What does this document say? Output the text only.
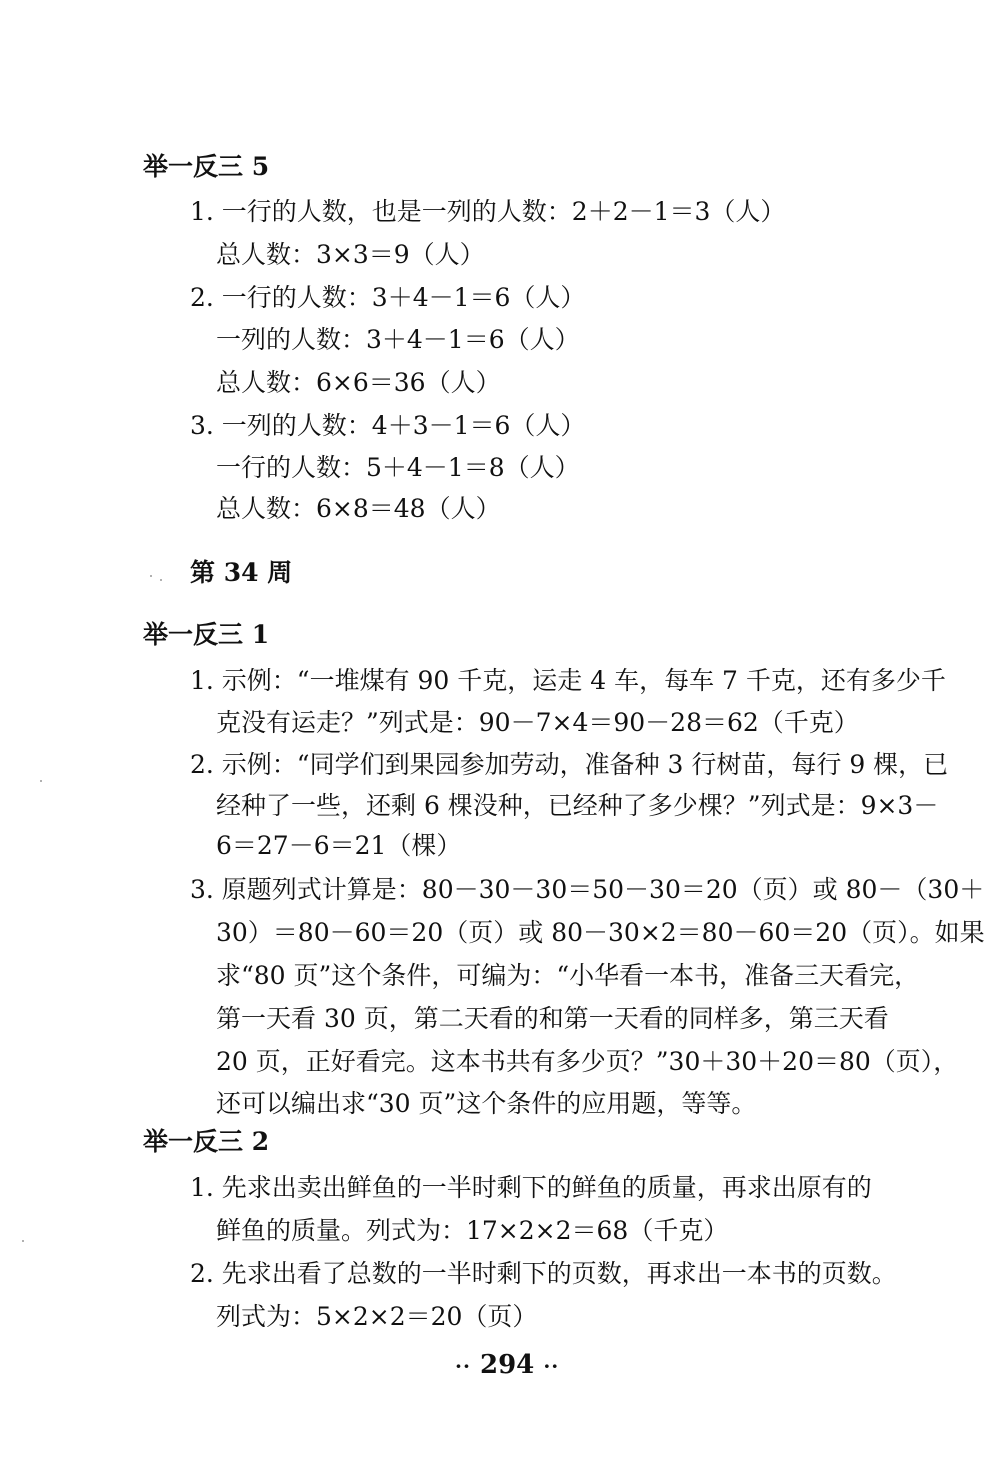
举一反三 5
1. 一行的人数，也是一列的人数：2＋2－1＝3（人）
总人数：3×3＝9（人）
2. 一行的人数：3＋4－1＝6（人）
一列的人数：3＋4－1＝6（人）
总人数：6×6＝36（人）
3. 一列的人数：4＋3－1＝6（人）
一行的人数：5＋4－1＝8（人）
总人数：6×8＝48（人）
第 34 周
举一反三 1
1. 示例：“一堆煤有 90 千克，运走 4 车，每车 7 千克，还有多少千
克没有运走？”列式是：90－7×4＝90－28＝62（千克）
2. 示例：“同学们到果园参加劳动，准备种 3 行树苗，每行 9 棵，已
经种了一些，还剩 6 棵没种，已经种了多少棵？”列式是：9×3－
6＝27－6＝21（棵）
3. 原题列式计算是：80－30－30＝50－30＝20（页）或 80－（30＋
30）＝80－60＝20（页）或 80－30×2＝80－60＝20（页）。如果
求“80 页”这个条件，可编为：“小华看一本书，准备三天看完，
第一天看 30 页，第二天看的和第一天看的同样多，第三天看
20 页，正好看完。这本书共有多少页？”30＋30＋20＝80（页），
还可以编出求“30 页”这个条件的应用题，等等。
举一反三 2
1. 先求出卖出鲜鱼的一半时剩下的鲜鱼的质量，再求出原有的
鲜鱼的质量。列式为：17×2×2＝68（千克）
2. 先求出看了总数的一半时剩下的页数，再求出一本书的页数。
列式为：5×2×2＝20（页）
·· 294 ··
